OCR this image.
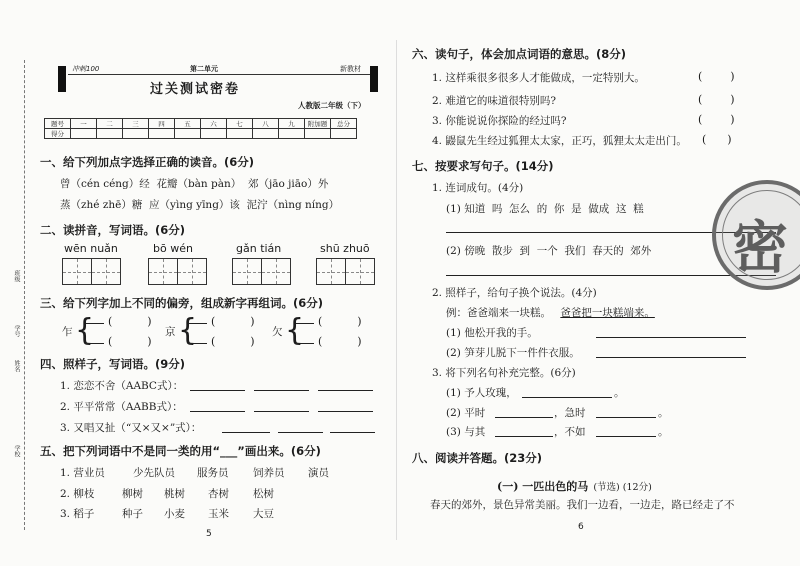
班级
姓名
学号
学校
冲刺100	第二单元	新教材
过关测试密卷
人教版二年级（下）
题号	一	二	三	四	五	六	七	八	九	附加题	总分
得分											
一、给下列加点字选择正确的读音。(6分)
曾（cén céng）经  花瓣（bàn pàn）  郊（jāo jiāo）外
蒸（zhé zhē）糖  应（yìng yīng）该  泥泞（nìng níng）
二、读拼音，写词语。(6分)
wēn nuǎn	bō wén	gǎn tián	shū zhuō
三、给下列字加上不同的偏旁，组成新字再组词。(6分)
乍 { (          )
(          )
京 { (          )
(          )
欠 { (          )
(          )
四、照样子，写词语。(9分)
1. 恋恋不舍（AABC式）：
2. 平平常常（AABB式）：
3. 又唱又扯（“又×又×”式）：
五、把下列词语中不是同一类的用“___”画出来。(6分)
1. 营业员	少先队员 服务员 饲养员 演员
2. 柳枝	柳树 桃树 杏树 松树
3. 稻子	种子 小麦 玉米 大豆
5
六、读句子，体会加点词语的意思。(8分)
1. 这样乘很多很多人才能做成，一定特别大。	(        )
2. 难道它的味道很特别吗?	(        )
3. 你能说说你探险的经过吗?	(        )
4. 鼹鼠先生经过狐狸太太家，正巧，狐狸太太走出门。 (      )
七、按要求写句子。(14分)
1. 连词成句。(4分)
(1) 知道  吗  怎么  的  你  是  做成  这  糕
(2) 傍晚  散步  到  一个  我们  春天的  郊外
2. 照样子，给句子换个说法。(4分)
例：爸爸端来一块糕。 爸爸把一块糕端来。
(1) 他松开我的手。
(2) 笋芽儿脱下一件件衣服。
3. 将下列名句补充完整。(6分)
(1) 予人玫瑰，	。
(2) 平时	，急时	。
(3) 与其	，不如	。
八、阅读并答题。(23分)
(一) 一匹出色的马 (节选) (12分)
春天的郊外，景色异常美丽。我们一边看，一边走，路已经走了不
6
密
